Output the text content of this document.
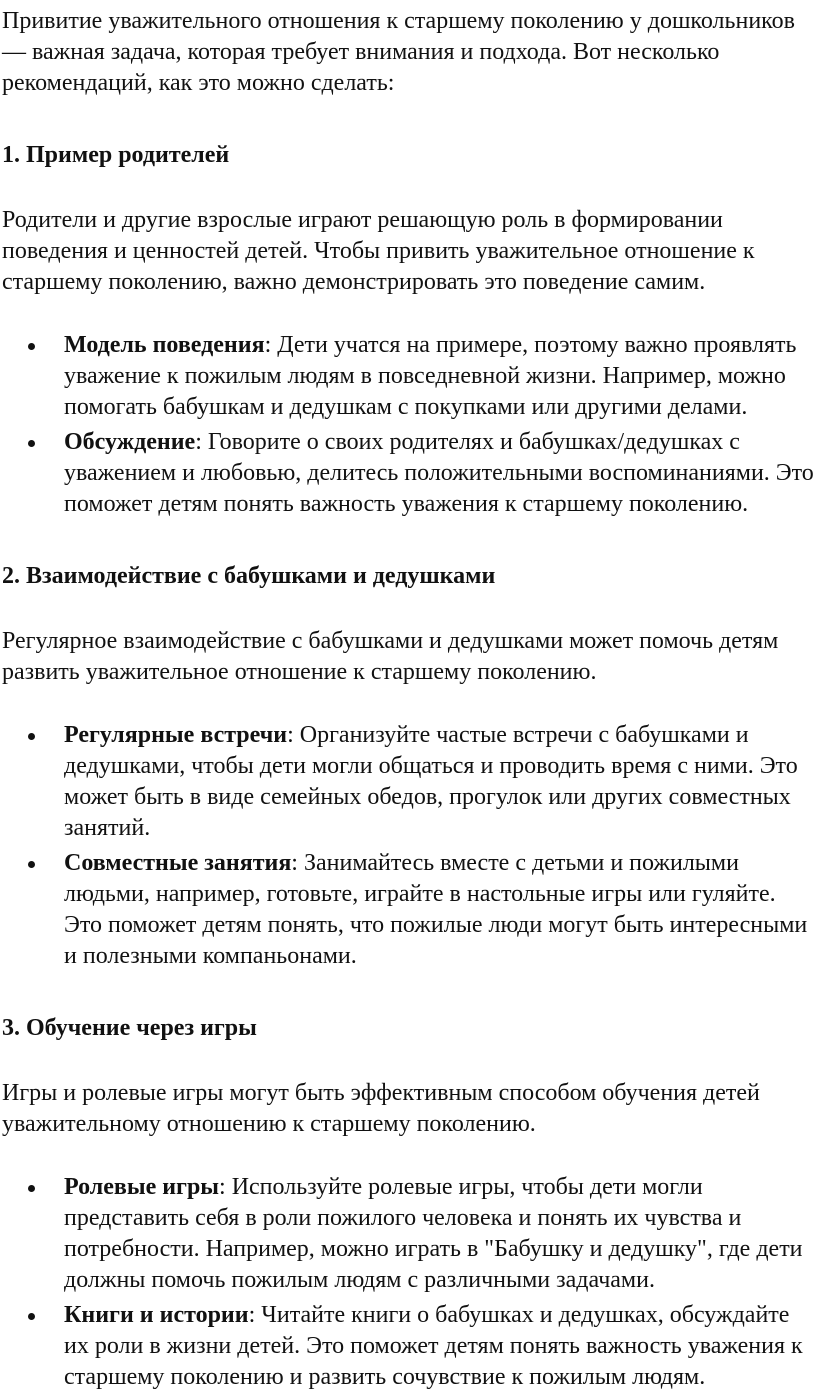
Привитие уважительного отношения к старшему поколению у дошкольников — важная задача, которая требует внимания и подхода. Вот несколько рекомендаций, как это можно сделать:

1. Пример родителей

Родители и другие взрослые играют решающую роль в формировании поведения и ценностей детей. Чтобы привить уважительное отношение к старшему поколению, важно демонстрировать это поведение самим.

Модель поведения: Дети учатся на примере, поэтому важно проявлять уважение к пожилым людям в повседневной жизни. Например, можно помогать бабушкам и дедушкам с покупками или другими делами.
Обсуждение: Говорите о своих родителях и бабушках/дедушках с уважением и любовью, делитесь положительными воспоминаниями. Это поможет детям понять важность уважения к старшему поколению.
2. Взаимодействие с бабушками и дедушками

Регулярное взаимодействие с бабушками и дедушками может помочь детям развить уважительное отношение к старшему поколению.

Регулярные встречи: Организуйте частые встречи с бабушками и дедушками, чтобы дети могли общаться и проводить время с ними. Это может быть в виде семейных обедов, прогулок или других совместных занятий.
Совместные занятия: Занимайтесь вместе с детьми и пожилыми людьми, например, готовьте, играйте в настольные игры или гуляйте. Это поможет детям понять, что пожилые люди могут быть интересными и полезными компаньонами.
3. Обучение через игры

Игры и ролевые игры могут быть эффективным способом обучения детей уважительному отношению к старшему поколению.

Ролевые игры: Используйте ролевые игры, чтобы дети могли представить себя в роли пожилого человека и понять их чувства и потребности. Например, можно играть в "Бабушку и дедушку", где дети должны помочь пожилым людям с различными задачами.
Книги и истории: Читайте книги о бабушках и дедушках, обсуждайте их роли в жизни детей. Это поможет детям понять важность уважения к старшему поколению и развить сочувствие к пожилым людям.
